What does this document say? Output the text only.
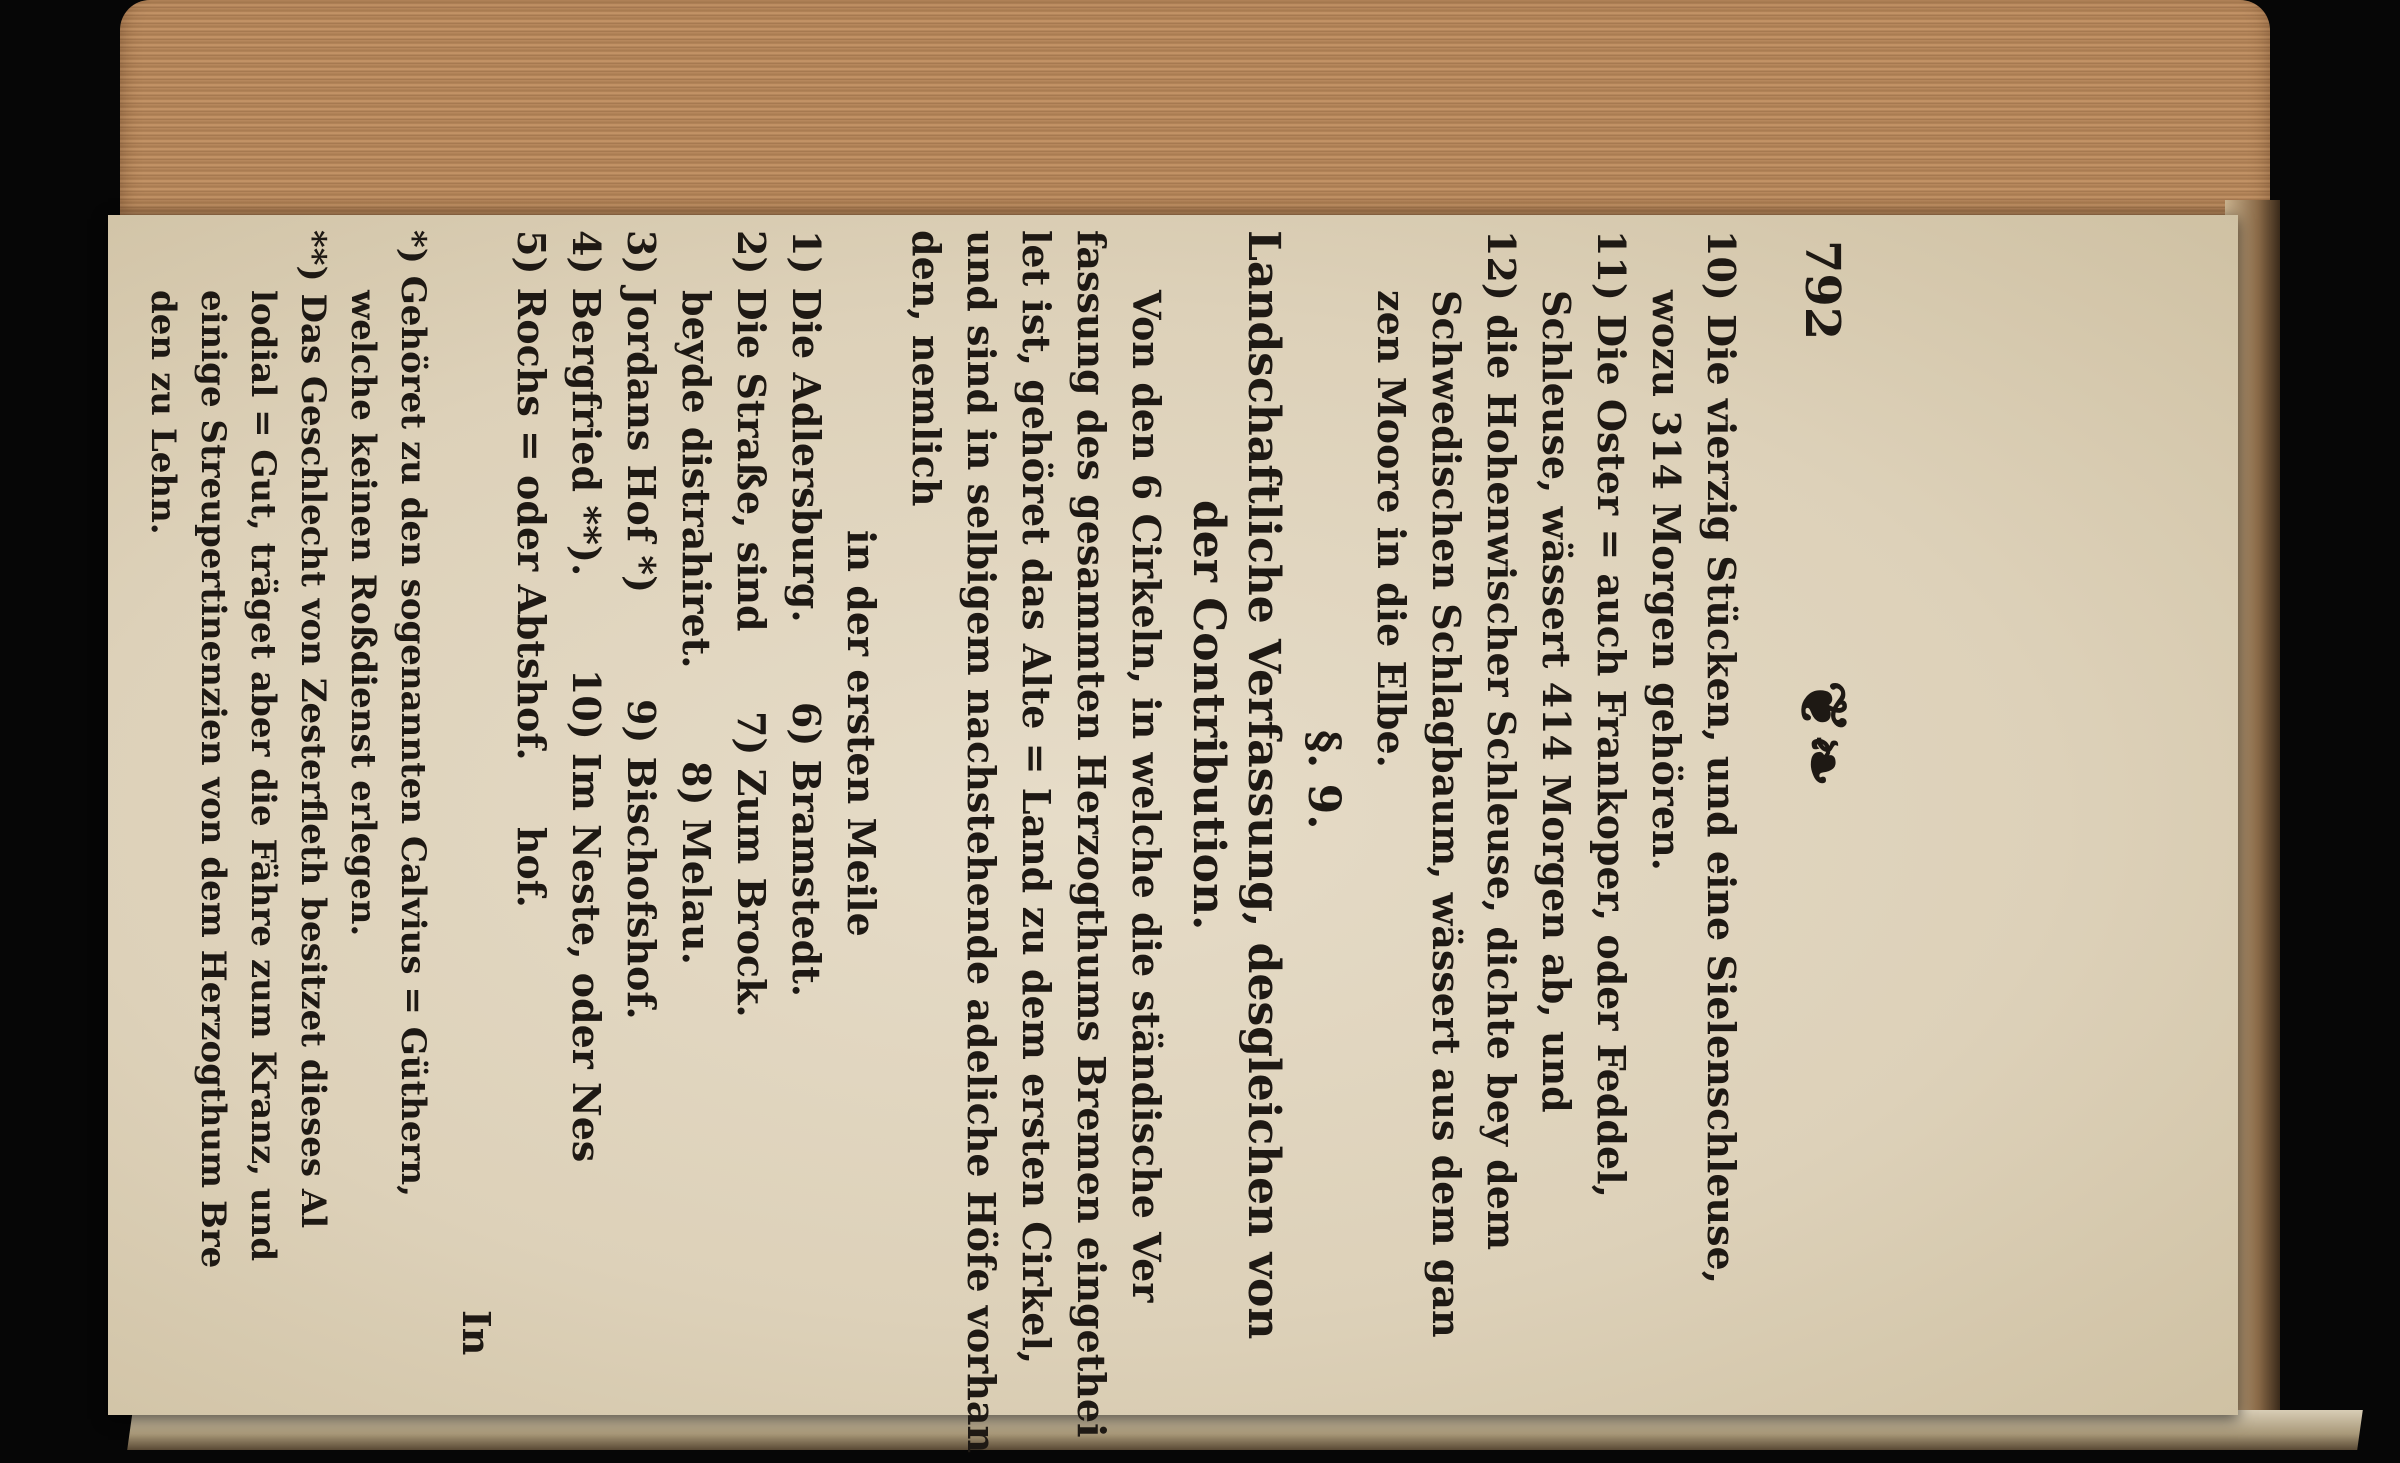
792
❦❧
10) Die vierzig Stücken, und eine Sielenschleuse,
wozu 314 Morgen gehören.
11) Die Oster = auch Frankoper, oder Feddel,
Schleuse, wässert 414 Morgen ab, und
12) die Hohenwischer Schleuse, dichte bey dem
Schwedischen Schlagbaum, wässert aus dem gan
zen Moore in die Elbe.
§. 9.
Landschaftliche Verfassung, desgleichen von
der Contribution.
Von den 6 Cirkeln, in welche die ständische Ver
fassung des gesammten Herzogthums Bremen eingethei
let ist, gehöret das Alte = Land zu dem ersten Cirkel,
und sind in selbigem nachstehende adeliche Höfe vorhan
den, nemlich
in der ersten Meile
1) Die Adlersburg.      6) Bramstedt.
2) Die Straße, sind      7) Zum Brock.
beyde distrahiret.       8) Melau.
3) Jordans Hof *)        9) Bischofshof.
4) Bergfried **).       10) Im Neste, oder Nes
5) Rochs = oder Abtshof.     hof.
In
*) Gehöret zu den sogenannten Calvius = Güthern,
welche keinen Roßdienst erlegen.
**) Das Geschlecht von Zesterfleth besitzet dieses Al
lodial = Gut, träget aber die Fähre zum Kranz, und
einige Streupertinenzien von dem Herzogthum Bre
den zu Lehn.
